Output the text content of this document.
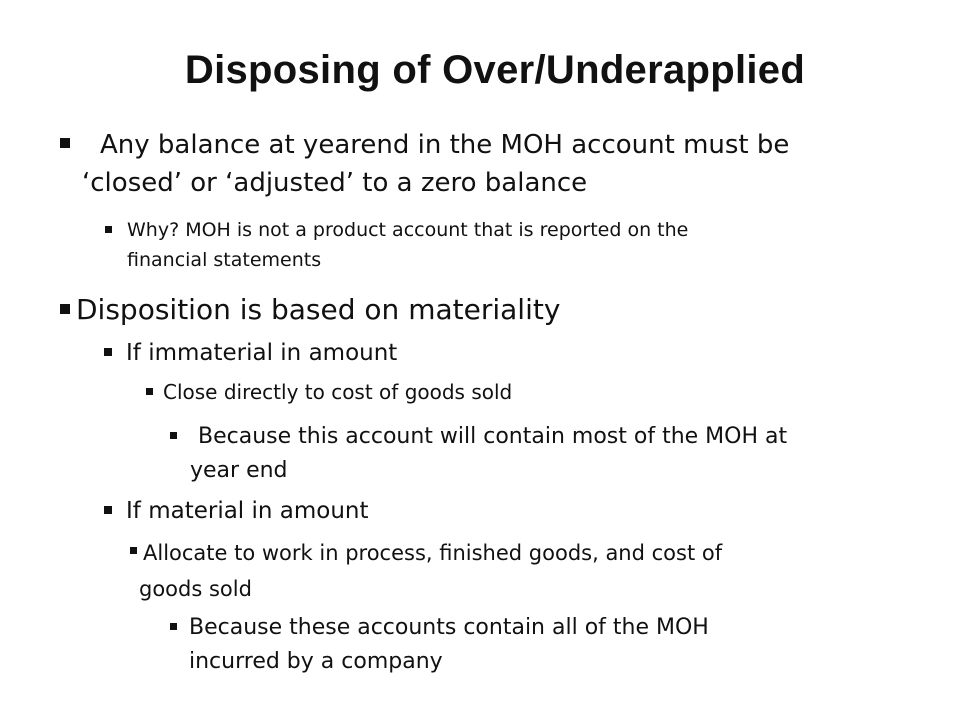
Disposing of Over/Underapplied
Any balance at yearend in the MOH account must be
‘closed’ or ‘adjusted’ to a zero balance
Why? MOH is not a product account that is reported on the
financial statements
Disposition is based on materiality
If immaterial in amount
Close directly to cost of goods sold
Because this account will contain most of the MOH at
year end
If material in amount
Allocate to work in process, finished goods, and cost of
goods sold
Because these accounts contain all of the MOH
incurred by a company
